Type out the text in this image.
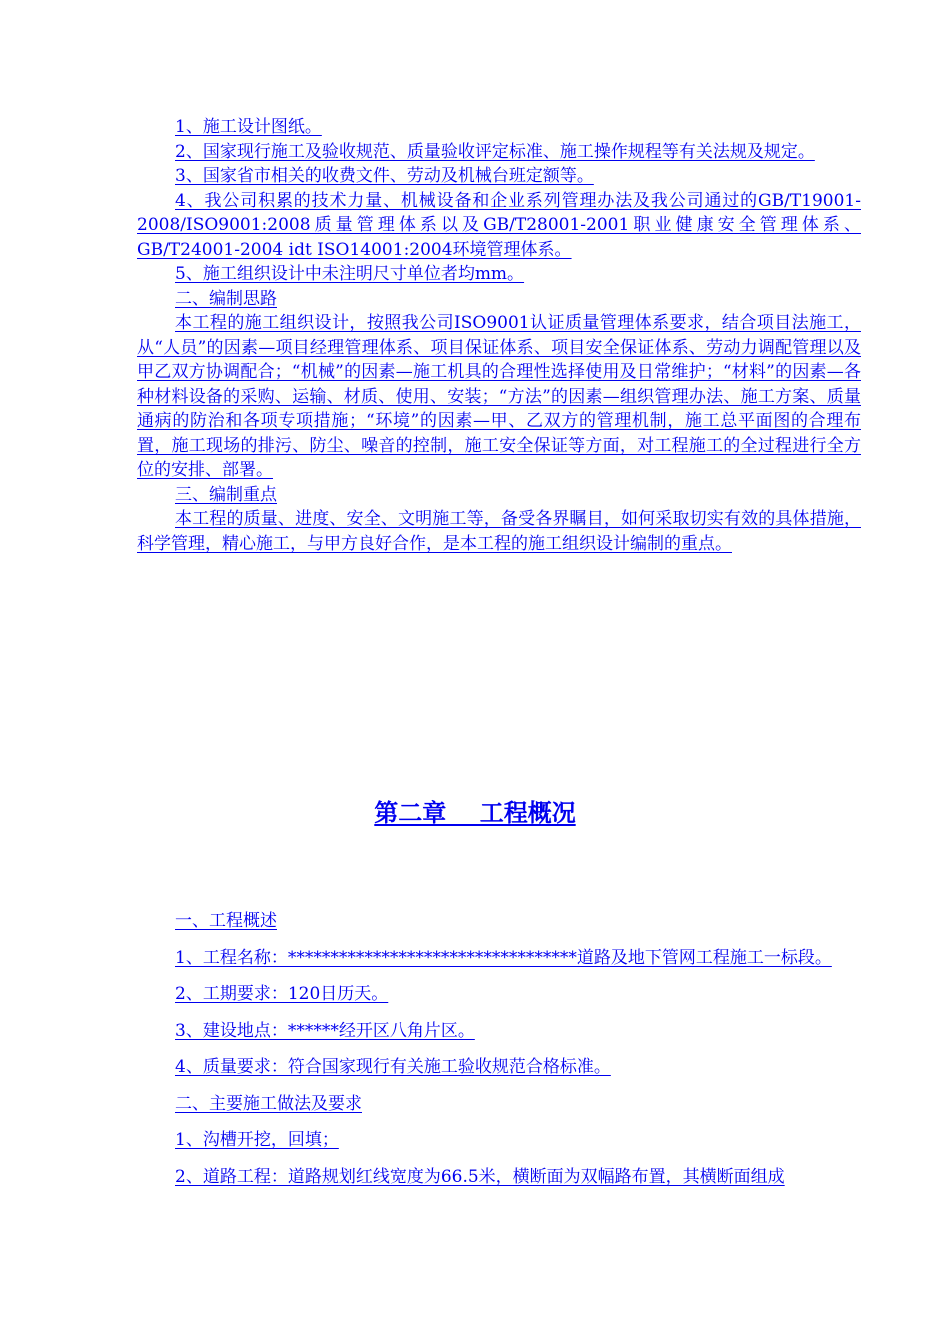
1、施工设计图纸。

2、国家现行施工及验收规范、质量验收评定标准、施工操作规程等有关法规及规定。

3、国家省市相关的收费文件、劳动及机械台班定额等。

4、我公司积累的技术力量、机械设备和企业系列管理办法及我公司通过的GB/T19001-2008/ISO9001:2008质量管理体系以及GB/T28001-2001职业健康安全管理体系、GB/T24001-2004 idt ISO14001:2004环境管理体系。

5、施工组织设计中未注明尺寸单位者均mm。

二、编制思路

本工程的施工组织设计，按照我公司ISO9001认证质量管理体系要求，结合项目法施工，从“人员”的因素—项目经理管理体系、项目保证体系、项目安全保证体系、劳动力调配管理以及甲乙双方协调配合；“机械”的因素—施工机具的合理性选择使用及日常维护；“材料”的因素—各种材料设备的采购、运输、材质、使用、安装；“方法”的因素—组织管理办法、施工方案、质量通病的防治和各项专项措施；“环境”的因素—甲、乙双方的管理机制，施工总平面图的合理布置，施工现场的排污、防尘、噪音的控制，施工安全保证等方面，对工程施工的全过程进行全方位的安排、部署。

三、编制重点

本工程的质量、进度、安全、文明施工等，备受各界瞩目，如何采取切实有效的具体措施，科学管理，精心施工，与甲方良好合作，是本工程的施工组织设计编制的重点。

第二章    工程概况

一、工程概述

1、工程名称：**********************************道路及地下管网工程施工一标段。

2、工期要求：120日历天。

3、建设地点：******经开区八角片区。

4、质量要求：符合国家现行有关施工验收规范合格标准。

二、主要施工做法及要求

1、沟槽开挖，回填；

2、道路工程：道路规划红线宽度为66.5米，横断面为双幅路布置，其横断面组成
